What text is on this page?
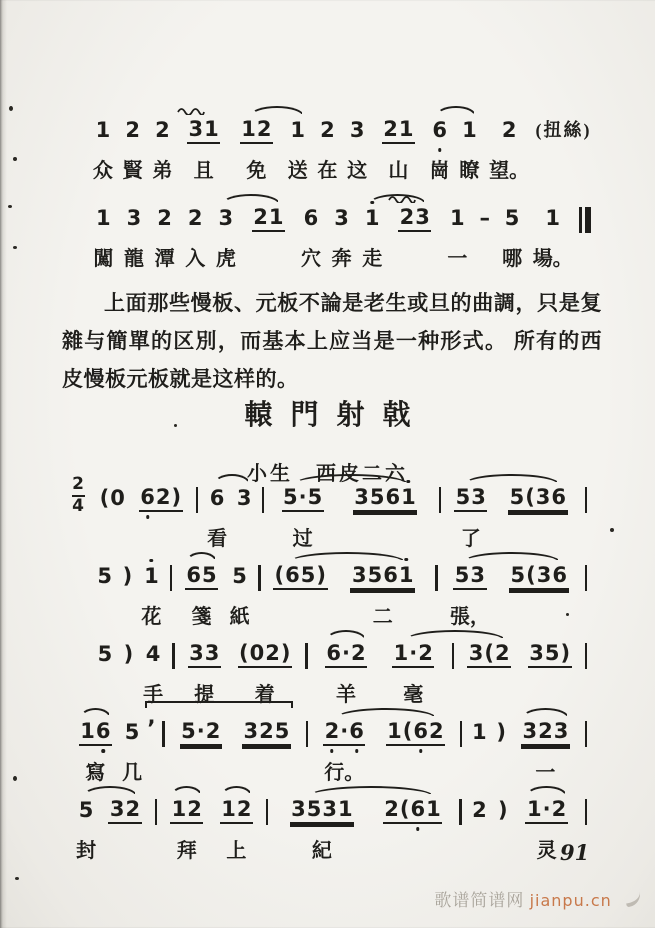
1
众
2
賢
2
弟
3 1
且
1 2
免
1
送
2
在
3
这
2 1
山
6
崗
1
瞭
2
望。
( 扭 絲 )
1
闖
3
龍
2
潭
2
入
3
虎
2 1 6
穴
3
奔
1
走
2 3 1
一
– 5
哪
1
場。

上面那些慢板、元板不論是老生或旦的曲調，只是复雜与簡單的区別，而基本上应当是一种形式。 所有的西皮慢板元板就是这样的。

轅門射戟
小生　西皮二六
2
4 ( 0 6 2 ) 6
看
3 5 · 5
过
3 5 6 1 5 3
了
5 ( 3 6
5 ) 1
花
6 5
箋
5
紙
( 6 5 ) 3 5 6 1
二
5 3
張，
5 ( 3 6
5 ) 4
手
3 3
提
( 0 2 )
着
6 · 2
羊
1 · 2
毫
3 ( 2 3 5 )
1 6
寫
5
几
’ 5 · 2 3 2 5 2 · 6
行。
1 ( 6 2 1 ) 3 2 3
一
5
封
3 2 1 2
拜
1 2
上
3 5 3 1
紀
2 ( 6 1 2 ) 1 · 2
灵 91
歌谱简谱网 jianpu.cn
